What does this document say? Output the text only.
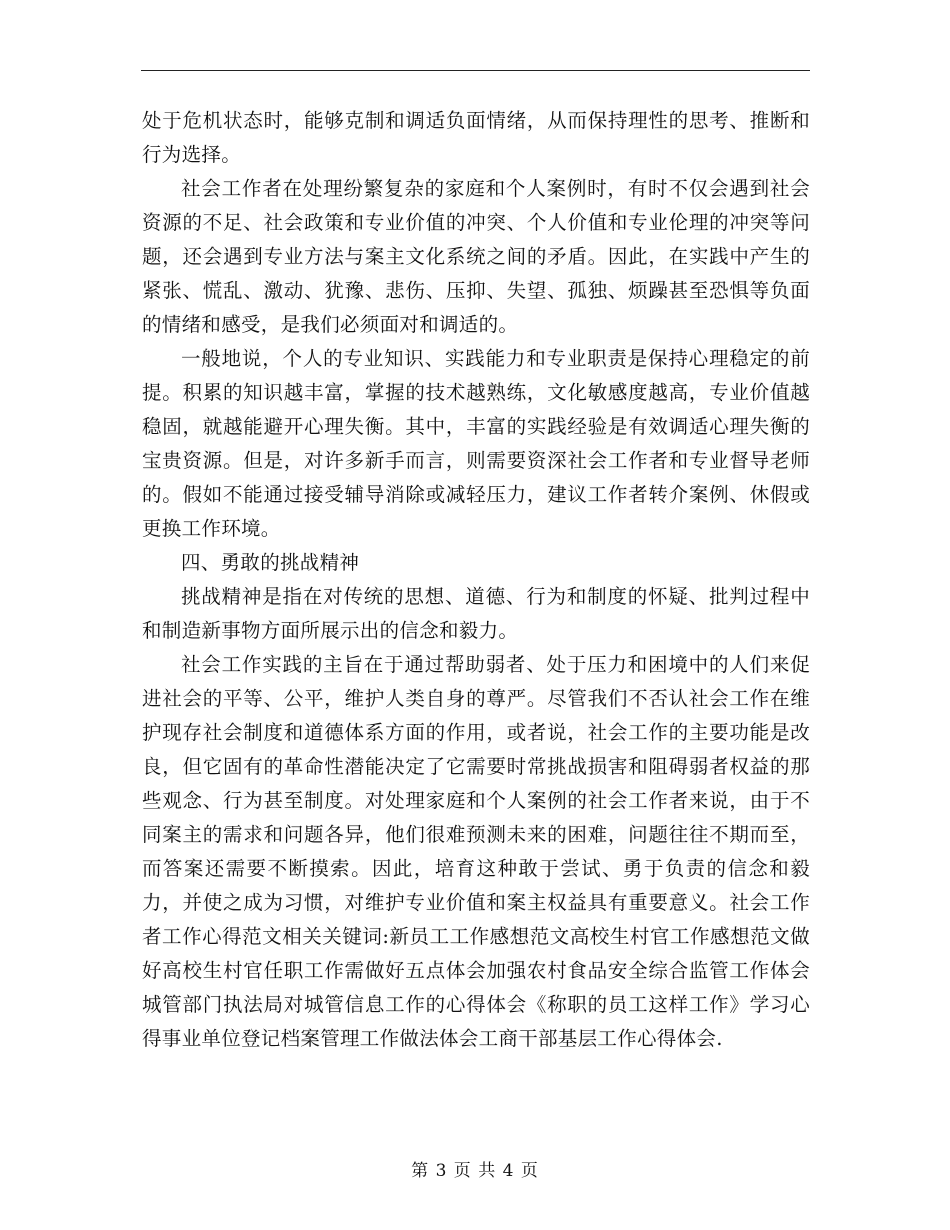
处于危机状态时，能够克制和调适负面情绪，从而保持理性的思考、推断和行为选择。

社会工作者在处理纷繁复杂的家庭和个人案例时，有时不仅会遇到社会资源的不足、社会政策和专业价值的冲突、个人价值和专业伦理的冲突等问题，还会遇到专业方法与案主文化系统之间的矛盾。因此，在实践中产生的紧张、慌乱、激动、犹豫、悲伤、压抑、失望、孤独、烦躁甚至恐惧等负面的情绪和感受，是我们必须面对和调适的。

一般地说，个人的专业知识、实践能力和专业职责是保持心理稳定的前提。积累的知识越丰富，掌握的技术越熟练，文化敏感度越高，专业价值越稳固，就越能避开心理失衡。其中，丰富的实践经验是有效调适心理失衡的宝贵资源。但是，对许多新手而言，则需要资深社会工作者和专业督导老师的。假如不能通过接受辅导消除或减轻压力，建议工作者转介案例、休假或更换工作环境。

四、勇敢的挑战精神

挑战精神是指在对传统的思想、道德、行为和制度的怀疑、批判过程中和制造新事物方面所展示出的信念和毅力。

社会工作实践的主旨在于通过帮助弱者、处于压力和困境中的人们来促进社会的平等、公平，维护人类自身的尊严。尽管我们不否认社会工作在维护现存社会制度和道德体系方面的作用，或者说，社会工作的主要功能是改良，但它固有的革命性潜能决定了它需要时常挑战损害和阻碍弱者权益的那些观念、行为甚至制度。对处理家庭和个人案例的社会工作者来说，由于不同案主的需求和问题各异，他们很难预测未来的困难，问题往往不期而至，而答案还需要不断摸索。因此，培育这种敢于尝试、勇于负责的信念和毅力，并使之成为习惯，对维护专业价值和案主权益具有重要意义。社会工作者工作心得范文相关关键词:新员工工作感想范文高校生村官工作感想范文做好高校生村官任职工作需做好五点体会加强农村食品安全综合监管工作体会城管部门执法局对城管信息工作的心得体会《称职的员工这样工作》学习心得事业单位登记档案管理工作做法体会工商干部基层工作心得体会.

第 3 页 共 4 页
